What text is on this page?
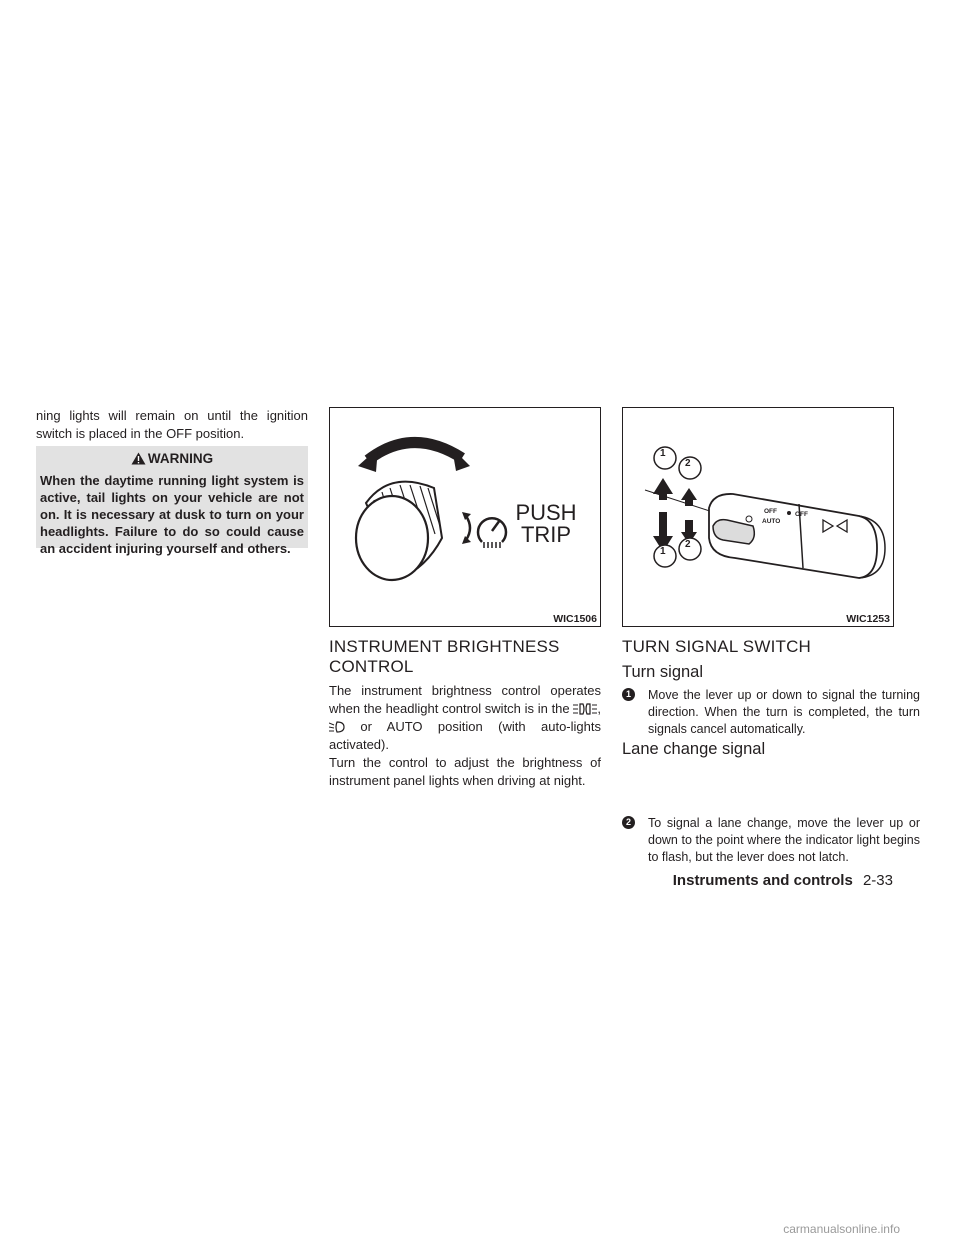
ning lights will remain on until the ignition switch is placed in the OFF position.
WARNING
When the daytime running light system is active, tail lights on your vehicle are not on. It is necessary at dusk to turn on your headlights. Failure to do so could cause an accident injuring yourself and others.
WIC1506
PUSH
TRIP
1
2
1
2
OFF
AUTO
OFF
WIC1253
INSTRUMENT BRIGHTNESS
CONTROL
The instrument brightness control operates when the headlight control switch is in the ,  or AUTO position (with auto-lights activated).
Turn the control to adjust the brightness of instrument panel lights when driving at night.
TURN SIGNAL SWITCH
Turn signal
1	Move the lever up or down to signal the turning direction. When the turn is completed, the turn signals cancel automatically.
Lane change signal
2	To signal a lane change, move the lever up or down to the point where the indicator light begins to flash, but the lever does not latch.
Instruments and controls 2-33
carmanualsonline.info
